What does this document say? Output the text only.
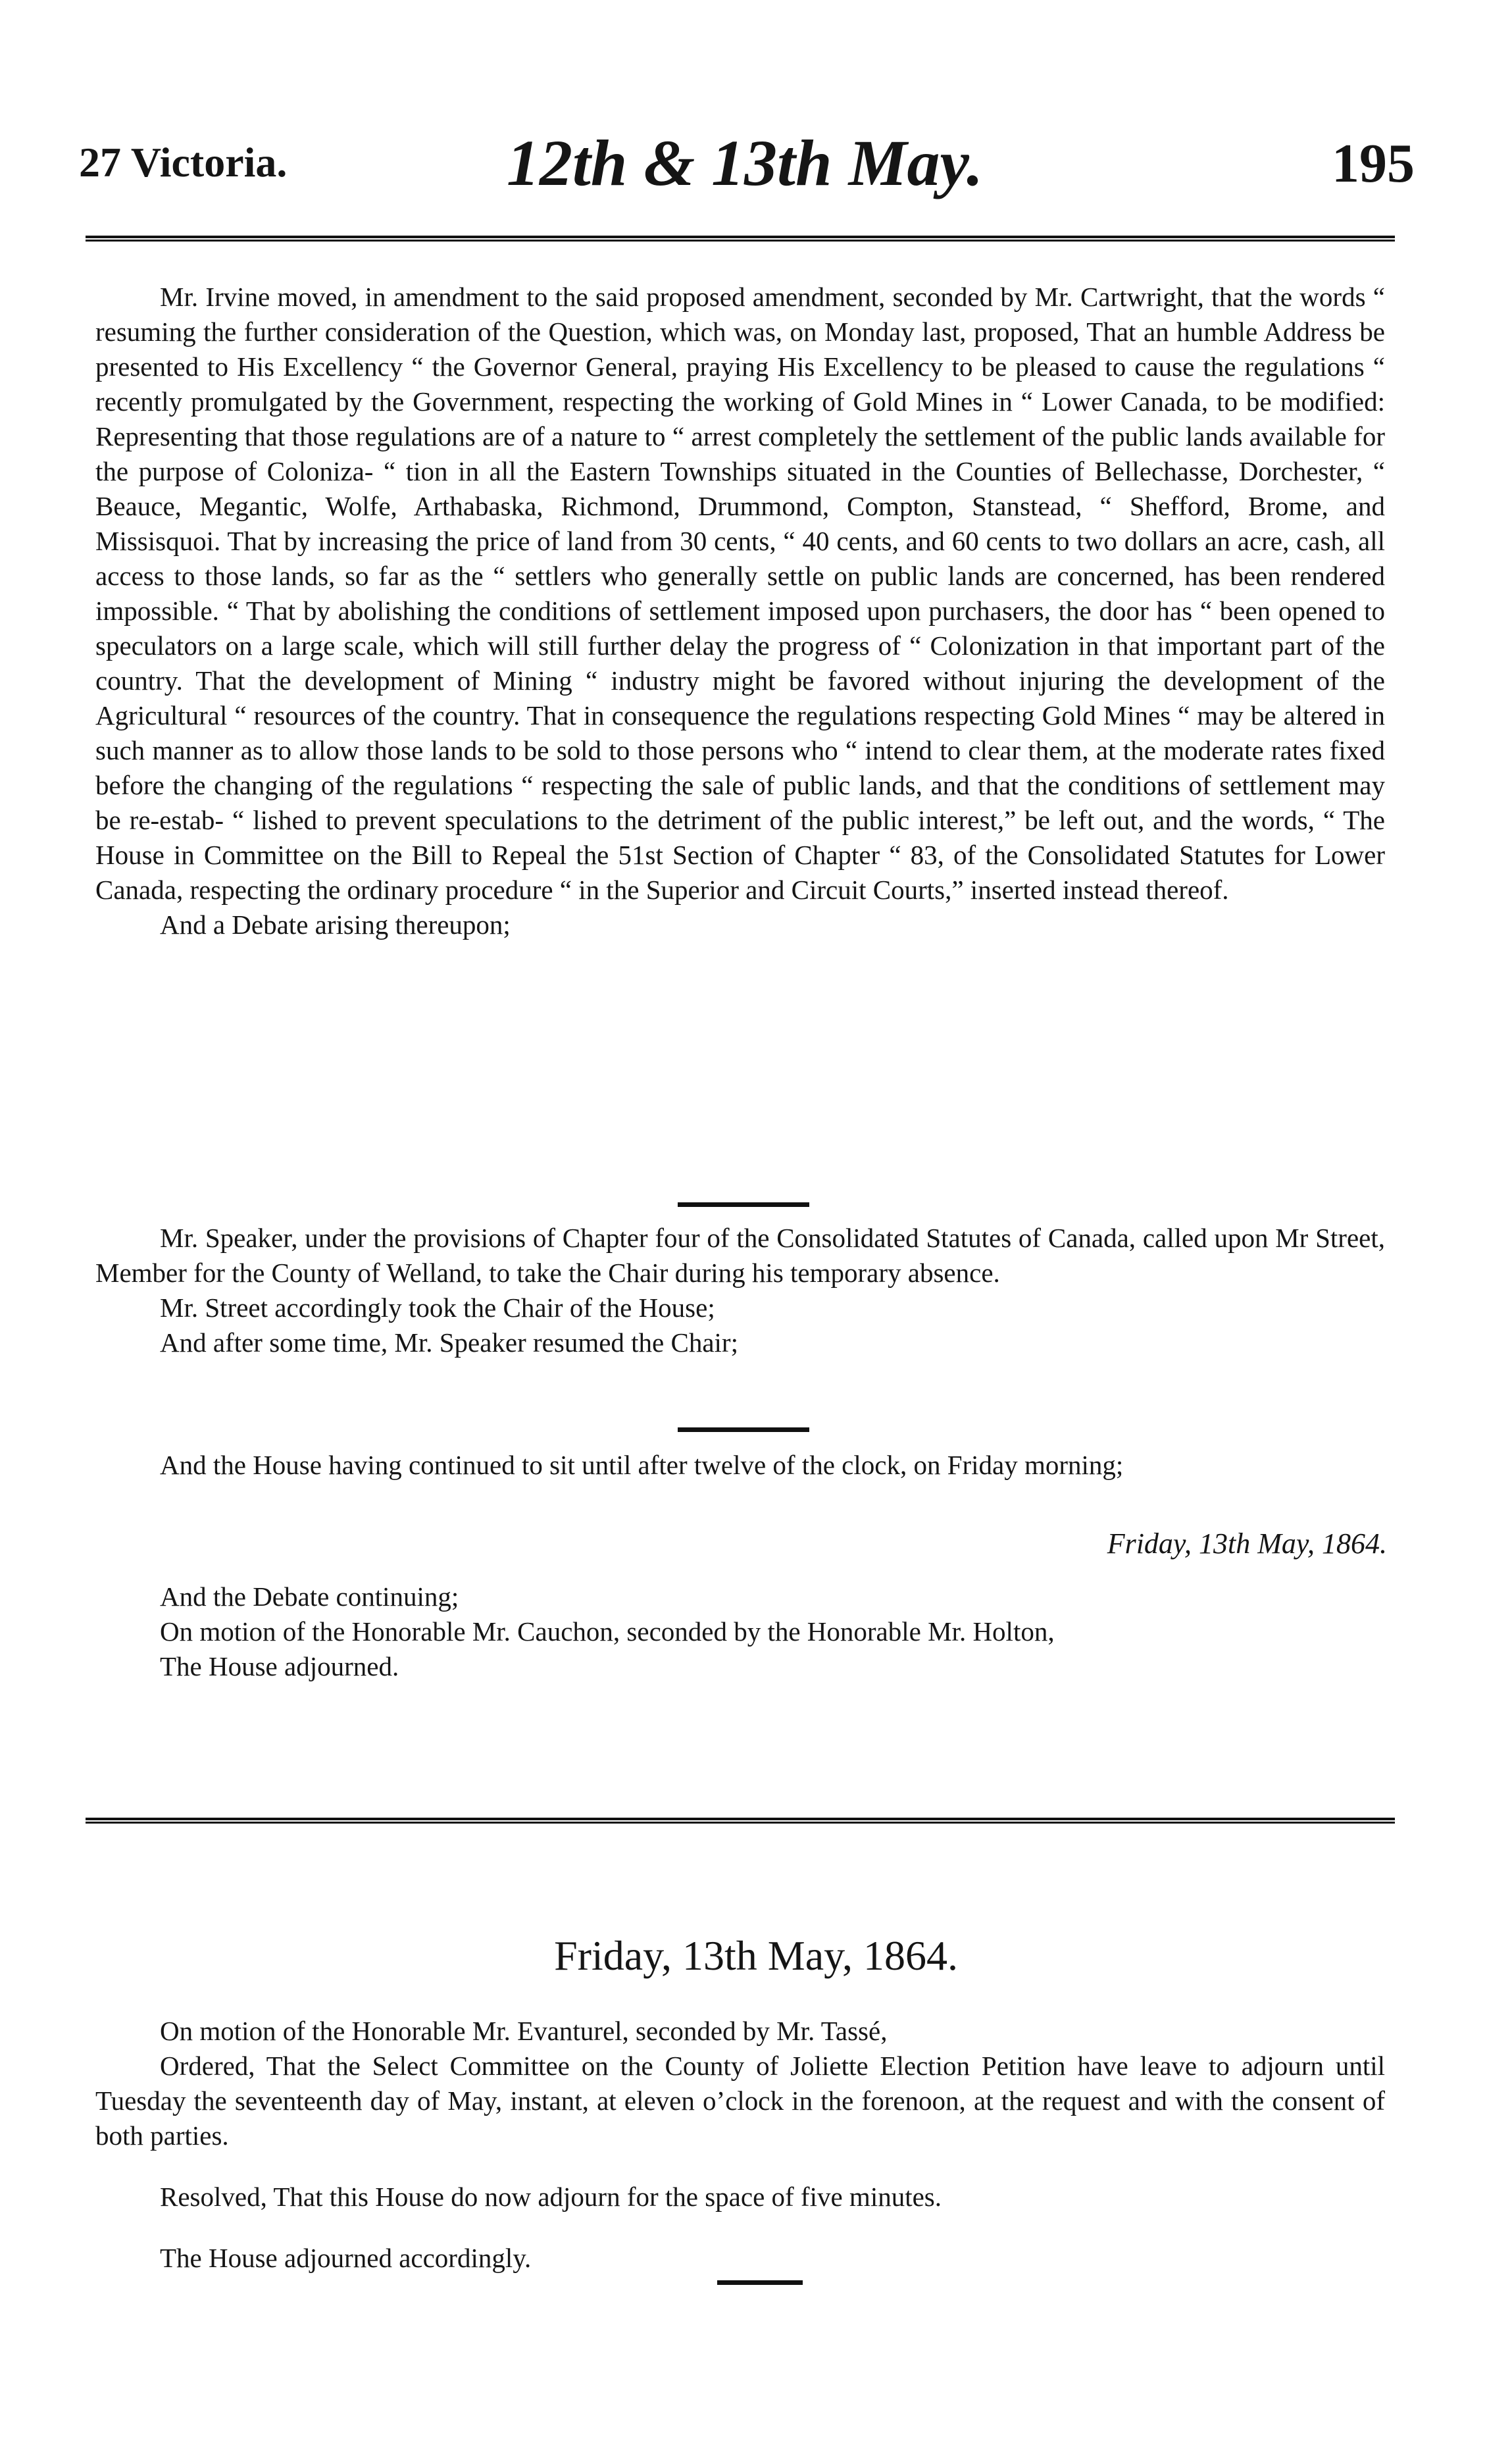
27 Victoria.	12th & 13th May.	195

Mr. Irvine moved, in amendment to the said proposed amendment, seconded by Mr. Cartwright, that the words “ resuming the further consideration of the Question, which was, on Monday last, proposed, That an humble Address be presented to His Excellency “ the Governor General, praying His Excellency to be pleased to cause the regulations “ recently promulgated by the Government, respecting the working of Gold Mines in “ Lower Canada, to be modified: Representing that those regulations are of a nature to “ arrest completely the settlement of the public lands available for the purpose of Coloniza- “ tion in all the Eastern Townships situated in the Counties of Bellechasse, Dorchester, “ Beauce, Megantic, Wolfe, Arthabaska, Richmond, Drummond, Compton, Stanstead, “ Shefford, Brome, and Missisquoi. That by increasing the price of land from 30 cents, “ 40 cents, and 60 cents to two dollars an acre, cash, all access to those lands, so far as the “ settlers who generally settle on public lands are concerned, has been rendered impossible. “ That by abolishing the conditions of settlement imposed upon purchasers, the door has “ been opened to speculators on a large scale, which will still further delay the progress of “ Colonization in that important part of the country. That the development of Mining “ industry might be favored without injuring the development of the Agricultural “ resources of the country. That in consequence the regulations respecting Gold Mines “ may be altered in such manner as to allow those lands to be sold to those persons who “ intend to clear them, at the moderate rates fixed before the changing of the regulations “ respecting the sale of public lands, and that the conditions of settlement may be re-estab- “ lished to prevent speculations to the detriment of the public interest,” be left out, and the words, “ The House in Committee on the Bill to Repeal the 51st Section of Chapter “ 83, of the Consolidated Statutes for Lower Canada, respecting the ordinary procedure “ in the Superior and Circuit Courts,” inserted instead thereof.

And a Debate arising thereupon;

Mr. Speaker, under the provisions of Chapter four of the Consolidated Statutes of Canada, called upon Mr Street, Member for the County of Welland, to take the Chair during his temporary absence.

Mr. Street accordingly took the Chair of the House;

And after some time, Mr. Speaker resumed the Chair;

And the House having continued to sit until after twelve of the clock, on Friday morning;

Friday, 13th May, 1864.

And the Debate continuing;

On motion of the Honorable Mr. Cauchon, seconded by the Honorable Mr. Holton,

The House adjourned.

Friday, 13th May, 1864.

On motion of the Honorable Mr. Evanturel, seconded by Mr. Tassé,

Ordered, That the Select Committee on the County of Joliette Election Petition have leave to adjourn until Tuesday the seventeenth day of May, instant, at eleven o’clock in the forenoon, at the request and with the consent of both parties.

Resolved, That this House do now adjourn for the space of five minutes.

The House adjourned accordingly.
